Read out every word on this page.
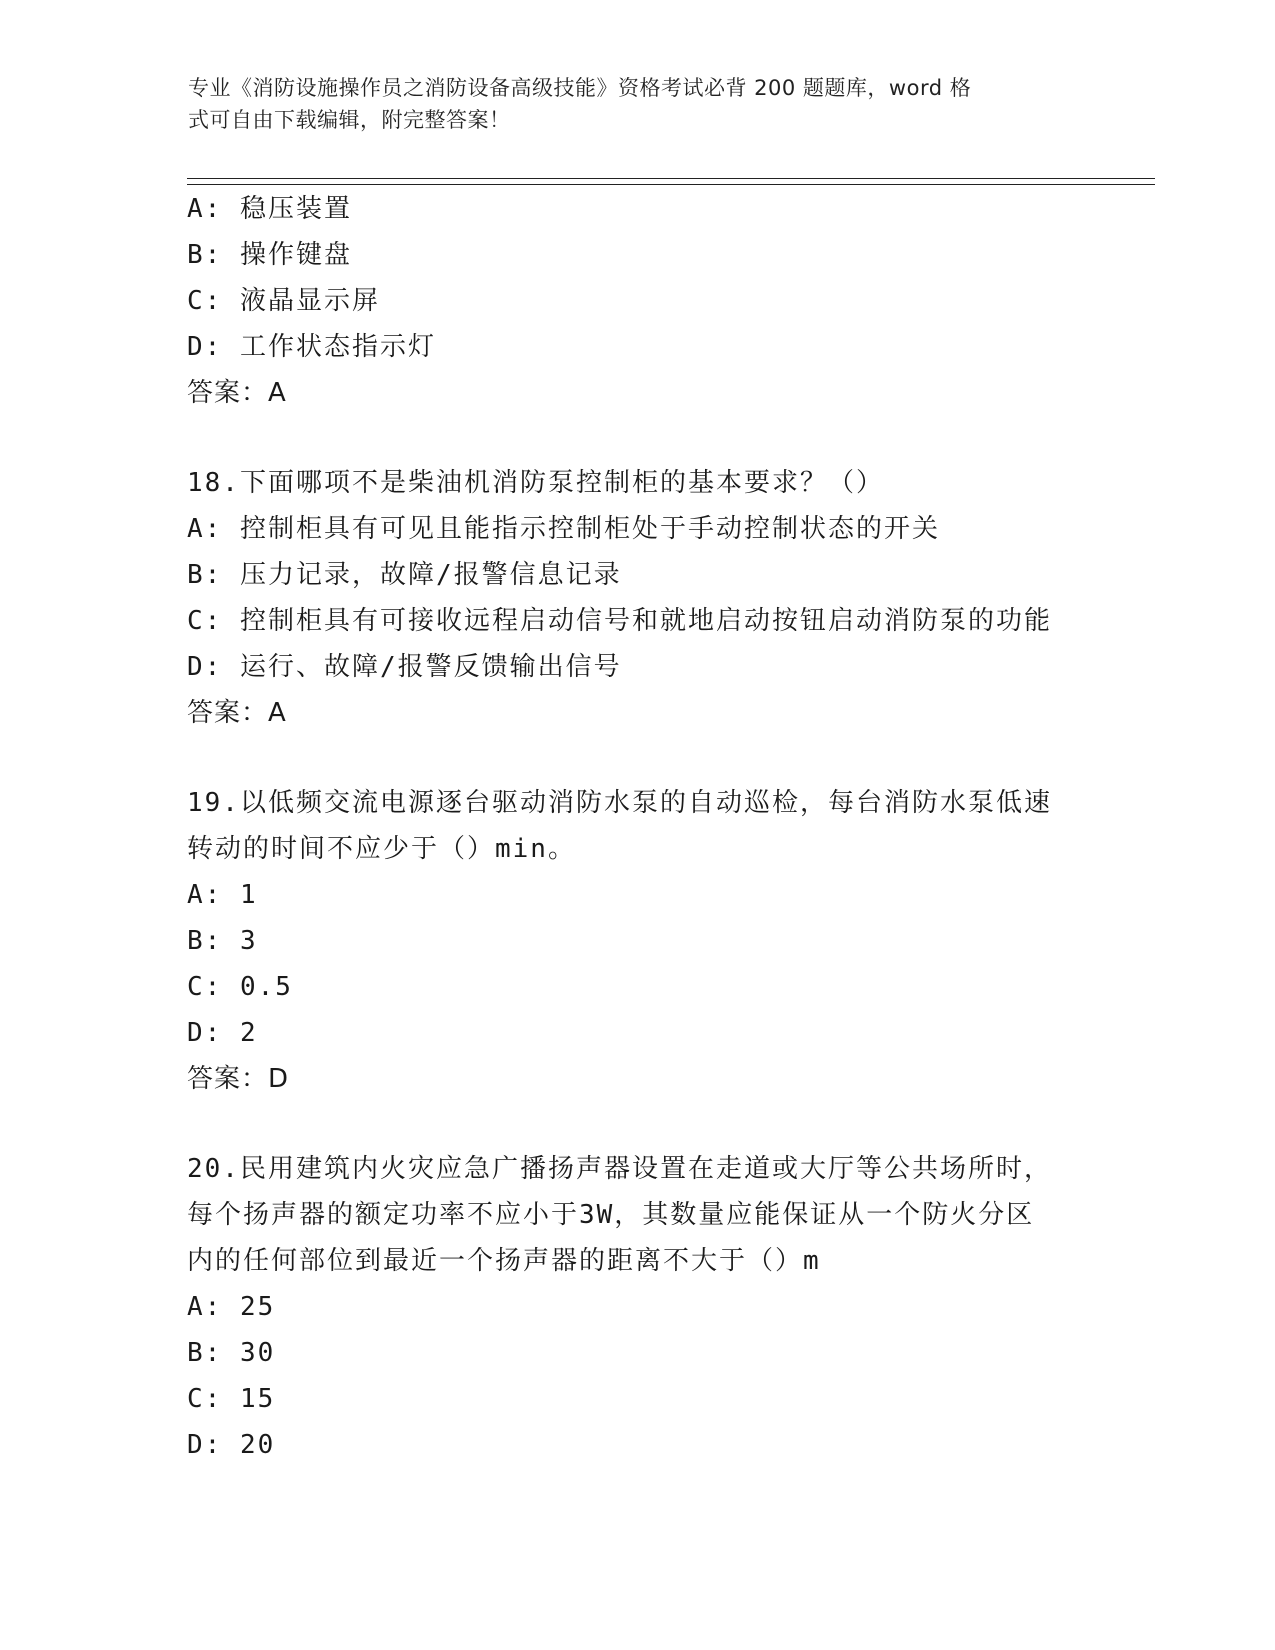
专业《消防设施操作员之消防设备高级技能》资格考试必背 200 题题库，word 格
式可自由下载编辑，附完整答案！
A: 稳压装置
B: 操作键盘
C: 液晶显示屏
D: 工作状态指示灯
答案：A
18.下面哪项不是柴油机消防泵控制柜的基本要求？（）
A: 控制柜具有可见且能指示控制柜处于手动控制状态的开关
B: 压力记录，故障/报警信息记录
C: 控制柜具有可接收远程启动信号和就地启动按钮启动消防泵的功能
D: 运行、故障/报警反馈输出信号
答案：A
19.以低频交流电源逐台驱动消防水泵的自动巡检，每台消防水泵低速
转动的时间不应少于（）min。
A: 1
B: 3
C: 0.5
D: 2
答案：D
20.民用建筑内火灾应急广播扬声器设置在走道或大厅等公共场所时，
每个扬声器的额定功率不应小于3W，其数量应能保证从一个防火分区
内的任何部位到最近一个扬声器的距离不大于（）m
A: 25
B: 30
C: 15
D: 20
